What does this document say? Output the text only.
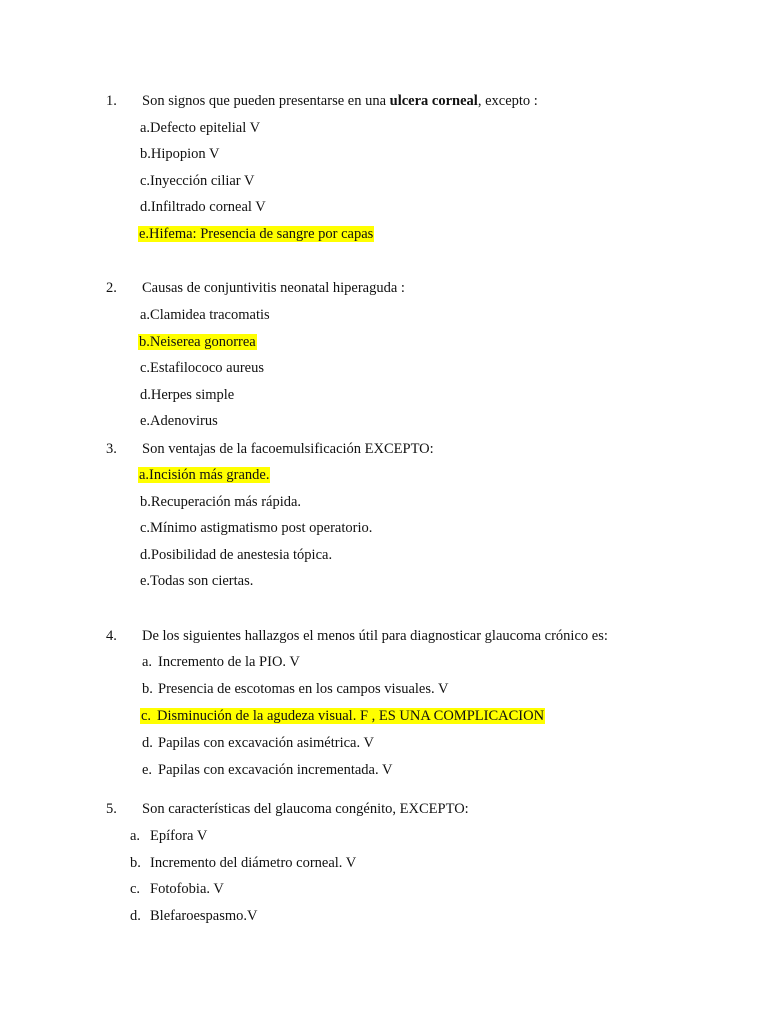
1. Son signos que pueden presentarse en una ulcera corneal, excepto :
a.Defecto epitelial V
b.Hipopion V
c.Inyección ciliar V
d.Infiltrado corneal V
e.Hifema: Presencia de sangre por capas
2. Causas de conjuntivitis neonatal hiperaguda :
a.Clamidea tracomatis
b.Neiserea gonorrea
c.Estafilococo aureus
d.Herpes simple
e.Adenovirus
3. Son ventajas de la facoemulsificación EXCEPTO:
a.Incisión más grande.
b.Recuperación más rápida.
c.Mínimo astigmatismo post operatorio.
d.Posibilidad de anestesia tópica.
e.Todas son ciertas.
4. De los siguientes hallazgos el menos útil para diagnosticar glaucoma crónico es:
a. Incremento de la PIO. V
b. Presencia de escotomas en los campos visuales. V
c. Disminución de la agudeza visual. F , ES UNA COMPLICACION
d. Papilas con excavación asimétrica. V
e. Papilas con excavación incrementada. V
5. Son características del glaucoma congénito, EXCEPTO:
a. Epífora V
b. Incremento del diámetro corneal. V
c. Fotofobia. V
d. Blefaroespasmo.V
